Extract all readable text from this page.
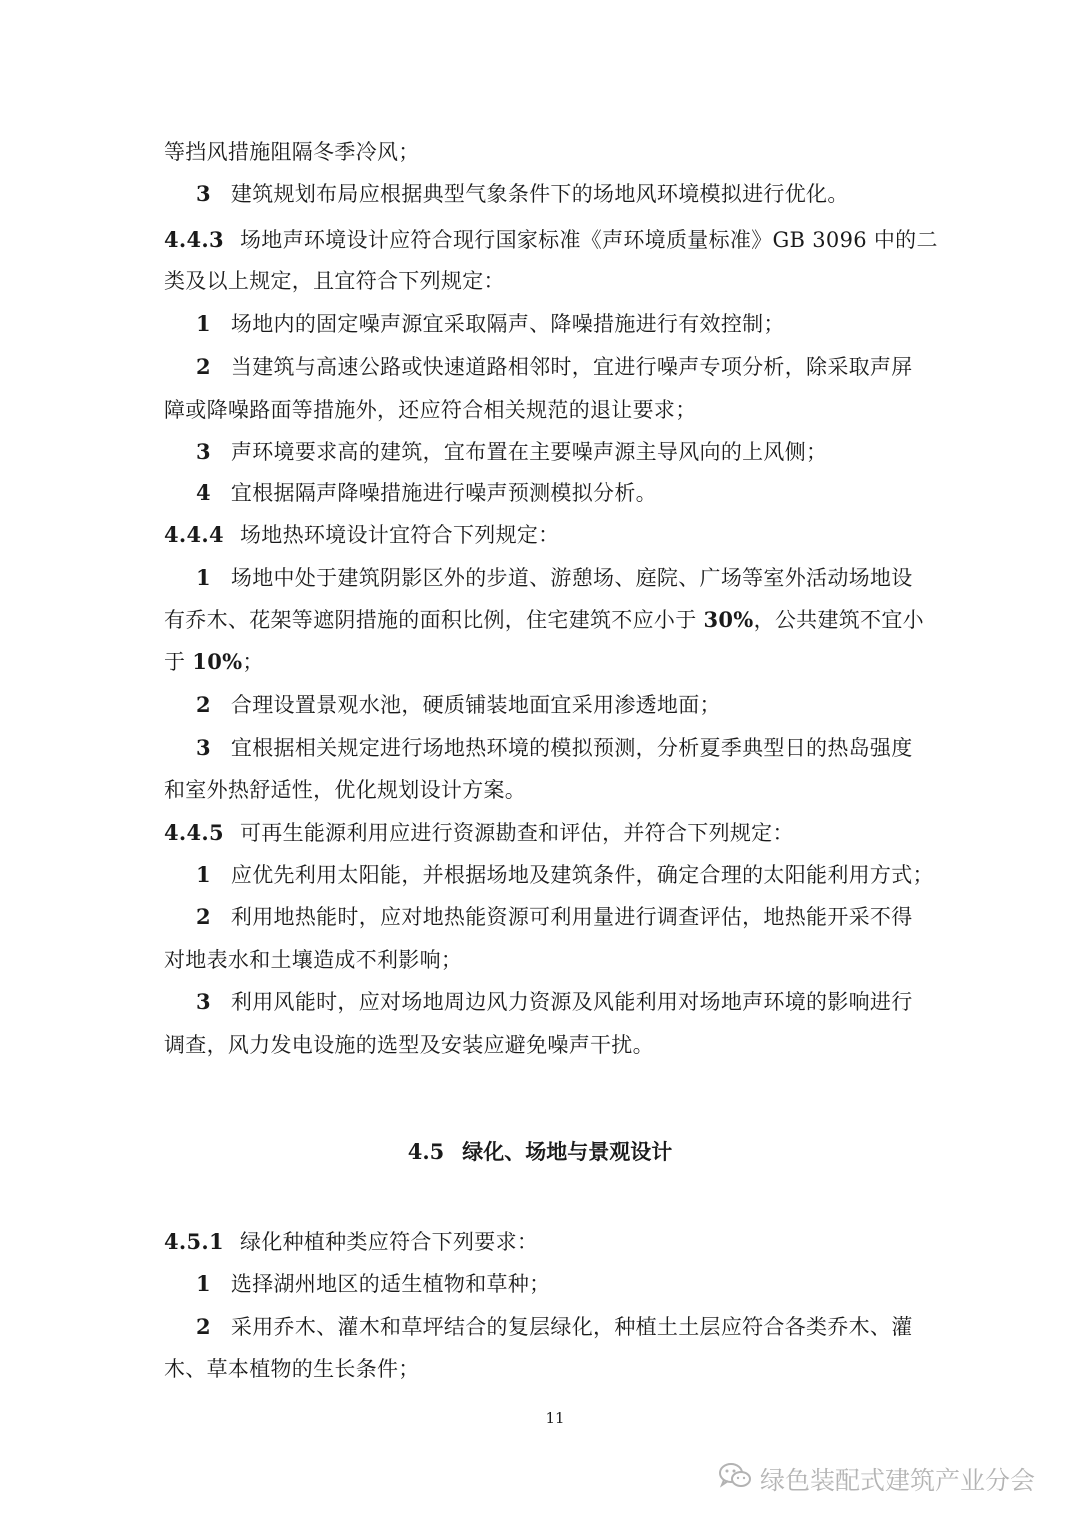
等挡风措施阻隔冬季冷风；
3 建筑规划布局应根据典型气象条件下的场地风环境模拟进行优化。
4.4.3 场地声环境设计应符合现行国家标准《声环境质量标准》GB 3096 中的二
类及以上规定，且宜符合下列规定：
1 场地内的固定噪声源宜采取隔声、降噪措施进行有效控制；
2 当建筑与高速公路或快速道路相邻时，宜进行噪声专项分析，除采取声屏
障或降噪路面等措施外，还应符合相关规范的退让要求；
3 声环境要求高的建筑，宜布置在主要噪声源主导风向的上风侧；
4 宜根据隔声降噪措施进行噪声预测模拟分析。
4.4.4 场地热环境设计宜符合下列规定：
1 场地中处于建筑阴影区外的步道、游憩场、庭院、广场等室外活动场地设
有乔木、花架等遮阴措施的面积比例，住宅建筑不应小于 30%，公共建筑不宜小
于 10%；
2 合理设置景观水池，硬质铺装地面宜采用渗透地面；
3 宜根据相关规定进行场地热环境的模拟预测，分析夏季典型日的热岛强度
和室外热舒适性，优化规划设计方案。
4.4.5 可再生能源利用应进行资源勘查和评估，并符合下列规定：
1 应优先利用太阳能，并根据场地及建筑条件，确定合理的太阳能利用方式；
2 利用地热能时，应对地热能资源可利用量进行调查评估，地热能开采不得
对地表水和土壤造成不利影响；
3 利用风能时，应对场地周边风力资源及风能利用对场地声环境的影响进行
调查，风力发电设施的选型及安装应避免噪声干扰。
4.5 绿化、场地与景观设计
4.5.1 绿化种植种类应符合下列要求：
1 选择湖州地区的适生植物和草种；
2 采用乔木、灌木和草坪结合的复层绿化，种植土土层应符合各类乔木、灌
木、草本植物的生长条件；
11
绿色装配式建筑产业分会
